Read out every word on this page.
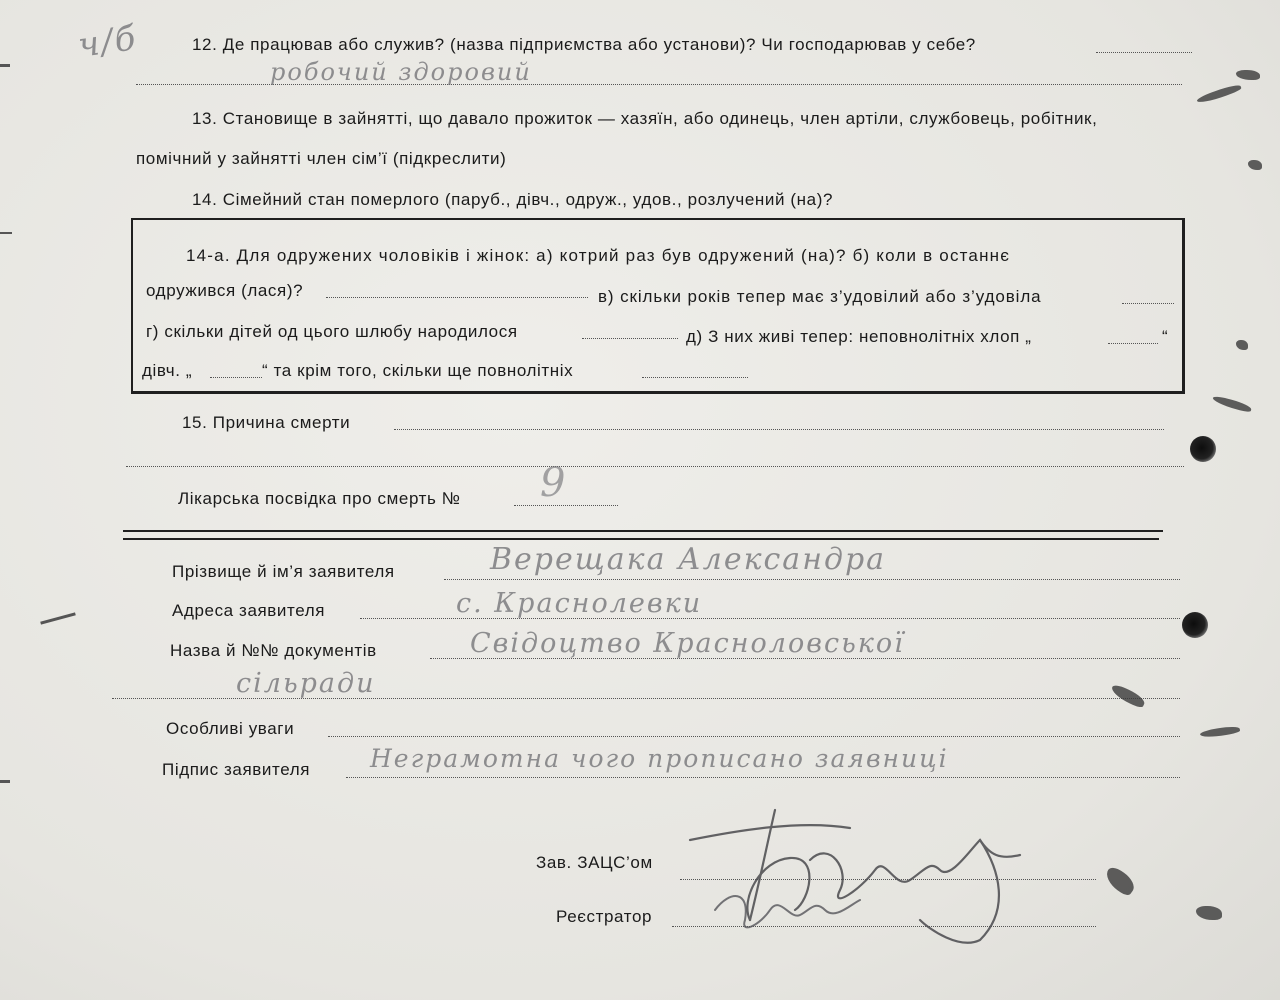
ч/б	12. Де працював або служив? (назва підприємства або установи)? Чи господарював у себе?
робочий здоровий
13. Становище в зайнятті, що давало прожиток — хазяїн, або одинець, член артіли, службовець, робітник,
помічний у зайнятті член сім’ї (підкреслити)
14. Сімейний стан померлого (паруб., дівч., одруж., удов., розлучений (на)?
14-а. Для одружених чоловіків і жінок: а) котрий раз був одружений (на)? б) коли в останнє
одружився (лася)?	в) скільки років тепер має з’удовілий або з’удовіла
г) скільки дітей од цього шлюбу народилося	д) З них живі тепер: неповнолітніх хлоп „	“
дівч. „	“ та крім того, скільки ще повнолітніх
15. Причина смерти
Лікарська посвідка про смерть № 9
Прізвище й ім’я заявителя	Верещака Александра
Адреса заявителя	с. Краснолевки
Назва й №№ документів	Свідоцтво Красноловської
сільради
Особливі уваги
Підпис заявителя Неграмотна чого прописано заявниці
Зав. ЗАЦС’ом
Реєстратор
